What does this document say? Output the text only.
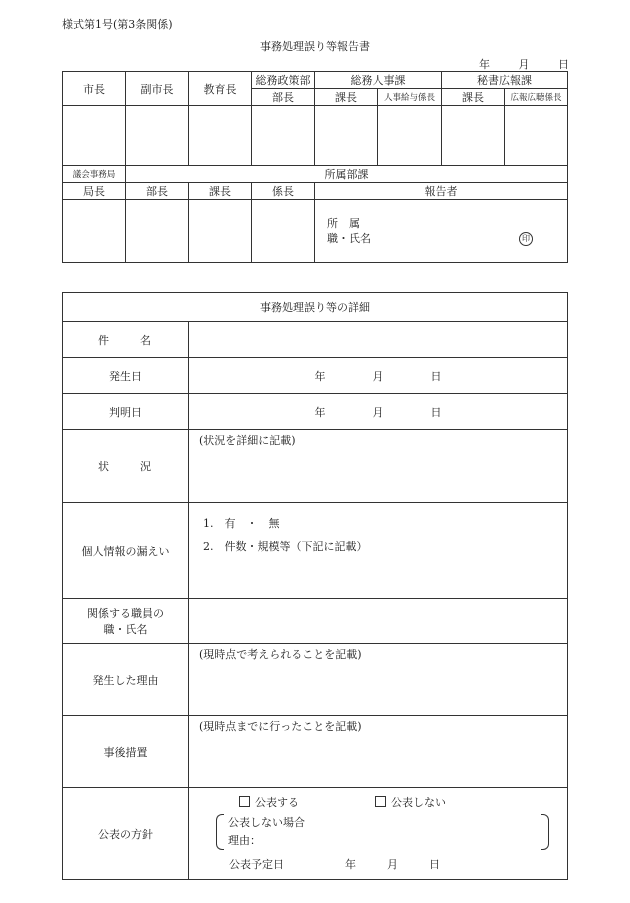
様式第1号(第3条関係)
事務処理誤り等報告書
年	月	日
市長	副市長	教育長	総務政策部	総務人事課		秘書広報課	
			部長	課長	人事給与係長	課長	広報広聴係長

議会事務局	所属部課						
局長	部長	課長	係長	報告者			

				所　属
職・氏名 印			
事務処理誤り等の詳細	
件　名	
発生日	年 月 日
判明日	年 月 日
状　況	(状況を詳細に記載)

個人情報の漏えい	1.　有　・　無
2.　件数・規模等（下記に記載）

関係する職員の
職・氏名	

発生した理由	(現時点で考えられることを記載)

事後措置	(現時点までに行ったことを記載)

公表の方針	公表する 公表しない
公表しない場合
理由：
公表予定日 年 月 日
